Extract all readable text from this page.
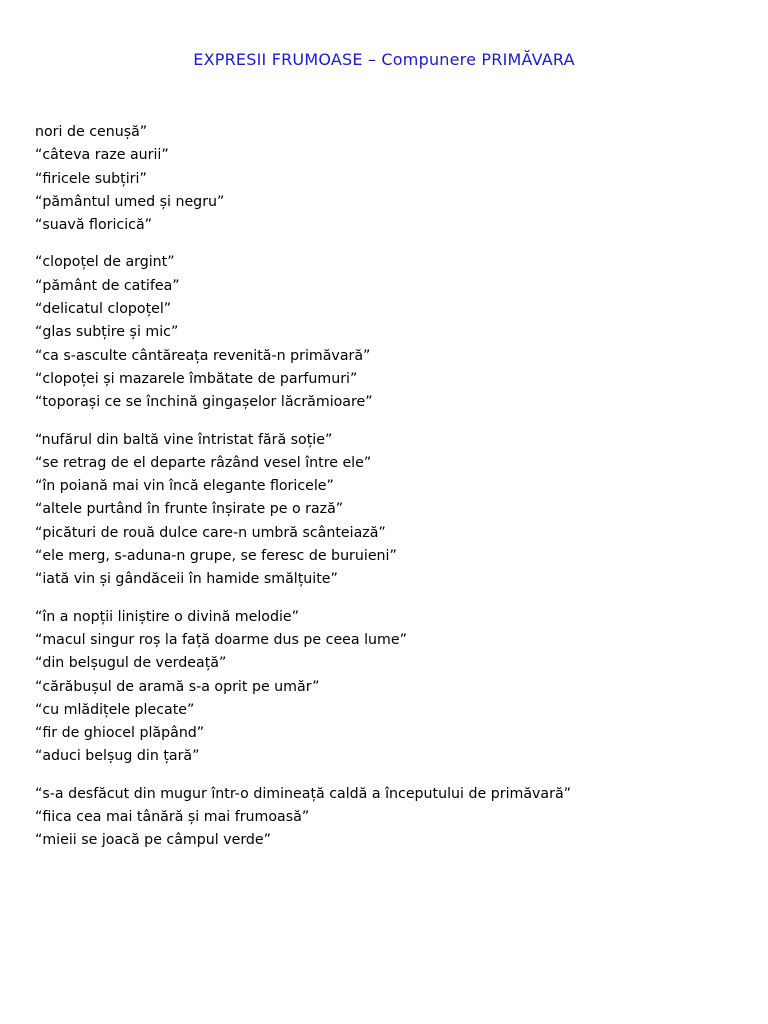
EXPRESII FRUMOASE – Compunere PRIMĂVARA
nori de cenușă”
“câteva raze aurii”
“firicele subțiri”
“pământul umed și negru”
“suavă floricică”
“clopoțel de argint”
“pământ de catifea”
“delicatul clopoțel”
“glas subțire și mic”
“ca s-asculte cântăreața revenită-n primăvară”
“clopoței și mazarele îmbătate de parfumuri”
“toporași ce se închină gingașelor lăcrămioare”
“nufărul din baltă vine întristat fără soție”
“se retrag de el departe râzând vesel între ele”
“în poiană mai vin încă elegante floricele”
“altele purtând în frunte înșirate pe o rază”
“picături de rouă dulce care-n umbră scânteiază”
“ele merg, s-aduna-n grupe, se feresc de buruieni”
“iată vin și gândăceii în hamide smălțuite”
“în a nopții liniștire o divină melodie”
“macul singur roș la față doarme dus pe ceea lume”
“din belșugul de verdeață”
“cărăbușul de aramă s-a oprit pe umăr”
“cu mlădițele plecate”
“fir de ghiocel plăpând”
“aduci belșug din țară”
“s-a desfăcut din mugur într-o dimineață caldă a începutului de primăvară”
“fiica cea mai tânără și mai frumoasă”
“mieii se joacă pe câmpul verde”
